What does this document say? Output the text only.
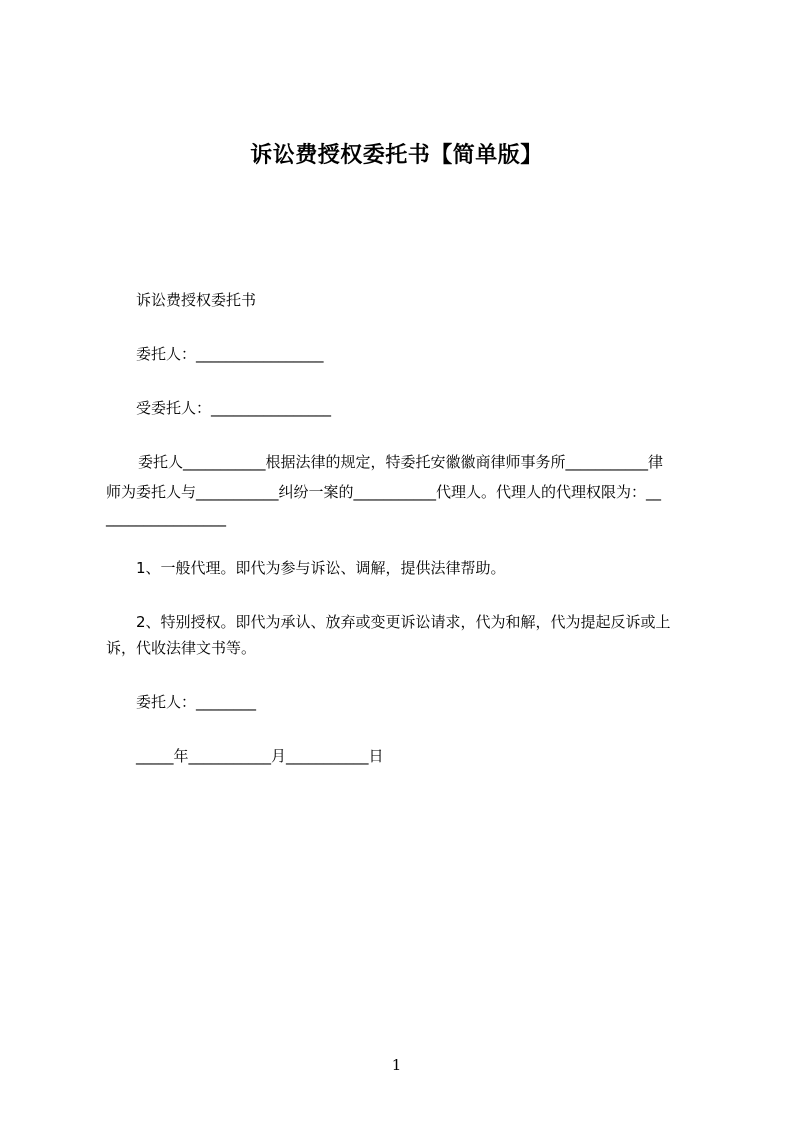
诉讼费授权委托书【简单版】
诉讼费授权委托书
委托人：_________________
受委托人：________________
委托人___________根据法律的规定，特委托安徽徽商律师事务所___________律
师为委托人与___________纠纷一案的___________代理人。代理人的代理权限为：__
________________
1、一般代理。即代为参与诉讼、调解，提供法律帮助。
2、特别授权。即代为承认、放弃或变更诉讼请求，代为和解，代为提起反诉或上
诉，代收法律文书等。
委托人：________
_____年___________月___________日
1
